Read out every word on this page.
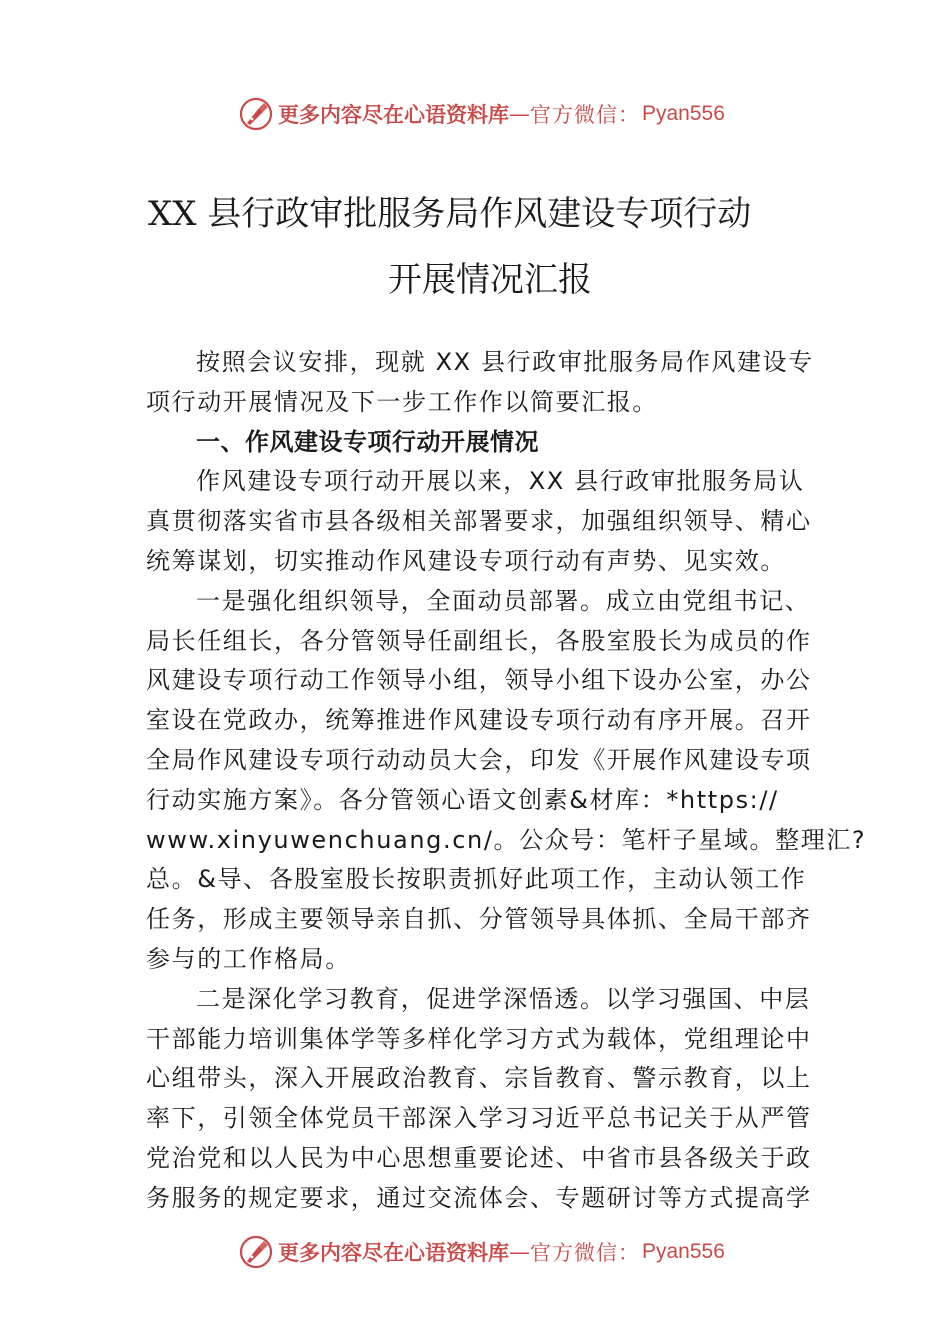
更多内容尽在心语资料库 — 官方微信： Pyan556
XX 县行政审批服务局作风建设专项行动
开展情况汇报
按照会议安排，现就 XX 县行政审批服务局作风建设专
项行动开展情况及下一步工作作以简要汇报。
一、作风建设专项行动开展情况
作风建设专项行动开展以来，XX 县行政审批服务局认
真贯彻落实省市县各级相关部署要求，加强组织领导、精心
统筹谋划，切实推动作风建设专项行动有声势、见实效。
一是强化组织领导，全面动员部署。成立由党组书记、
局长任组长，各分管领导任副组长，各股室股长为成员的作
风建设专项行动工作领导小组，领导小组下设办公室，办公
室设在党政办，统筹推进作风建设专项行动有序开展。召开
全局作风建设专项行动动员大会，印发《开展作风建设专项
行动实施方案》。各分管领心语文创素&材库：*https://
www.xinyuwenchuang.cn/。公众号：笔杆子星域。整理汇?
总。&导、各股室股长按职责抓好此项工作，主动认领工作
任务，形成主要领导亲自抓、分管领导具体抓、全局干部齐
参与的工作格局。
二是深化学习教育，促进学深悟透。以学习强国、中层
干部能力培训集体学等多样化学习方式为载体，党组理论中
心组带头，深入开展政治教育、宗旨教育、警示教育，以上
率下，引领全体党员干部深入学习习近平总书记关于从严管
党治党和以人民为中心思想重要论述、中省市县各级关于政
务服务的规定要求，通过交流体会、专题研讨等方式提高学
更多内容尽在心语资料库 — 官方微信： Pyan556
